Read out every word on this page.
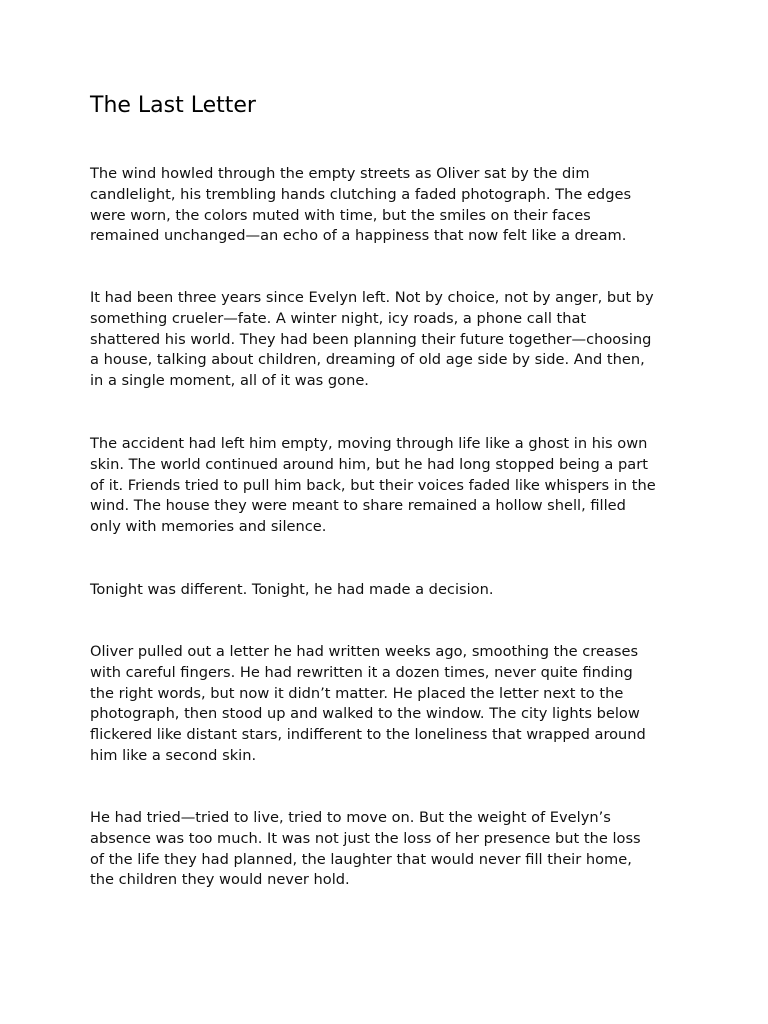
The Last Letter

The wind howled through the empty streets as Oliver sat by the dim
candlelight, his trembling hands clutching a faded photograph. The edges
were worn, the colors muted with time, but the smiles on their faces
remained unchanged—an echo of a happiness that now felt like a dream.

It had been three years since Evelyn left. Not by choice, not by anger, but by
something crueler—fate. A winter night, icy roads, a phone call that
shattered his world. They had been planning their future together—choosing
a house, talking about children, dreaming of old age side by side. And then,
in a single moment, all of it was gone.

The accident had left him empty, moving through life like a ghost in his own
skin. The world continued around him, but he had long stopped being a part
of it. Friends tried to pull him back, but their voices faded like whispers in the
wind. The house they were meant to share remained a hollow shell, filled
only with memories and silence.

Tonight was different. Tonight, he had made a decision.

Oliver pulled out a letter he had written weeks ago, smoothing the creases
with careful fingers. He had rewritten it a dozen times, never quite finding
the right words, but now it didn’t matter. He placed the letter next to the
photograph, then stood up and walked to the window. The city lights below
flickered like distant stars, indifferent to the loneliness that wrapped around
him like a second skin.

He had tried—tried to live, tried to move on. But the weight of Evelyn’s
absence was too much. It was not just the loss of her presence but the loss
of the life they had planned, the laughter that would never fill their home,
the children they would never hold.
